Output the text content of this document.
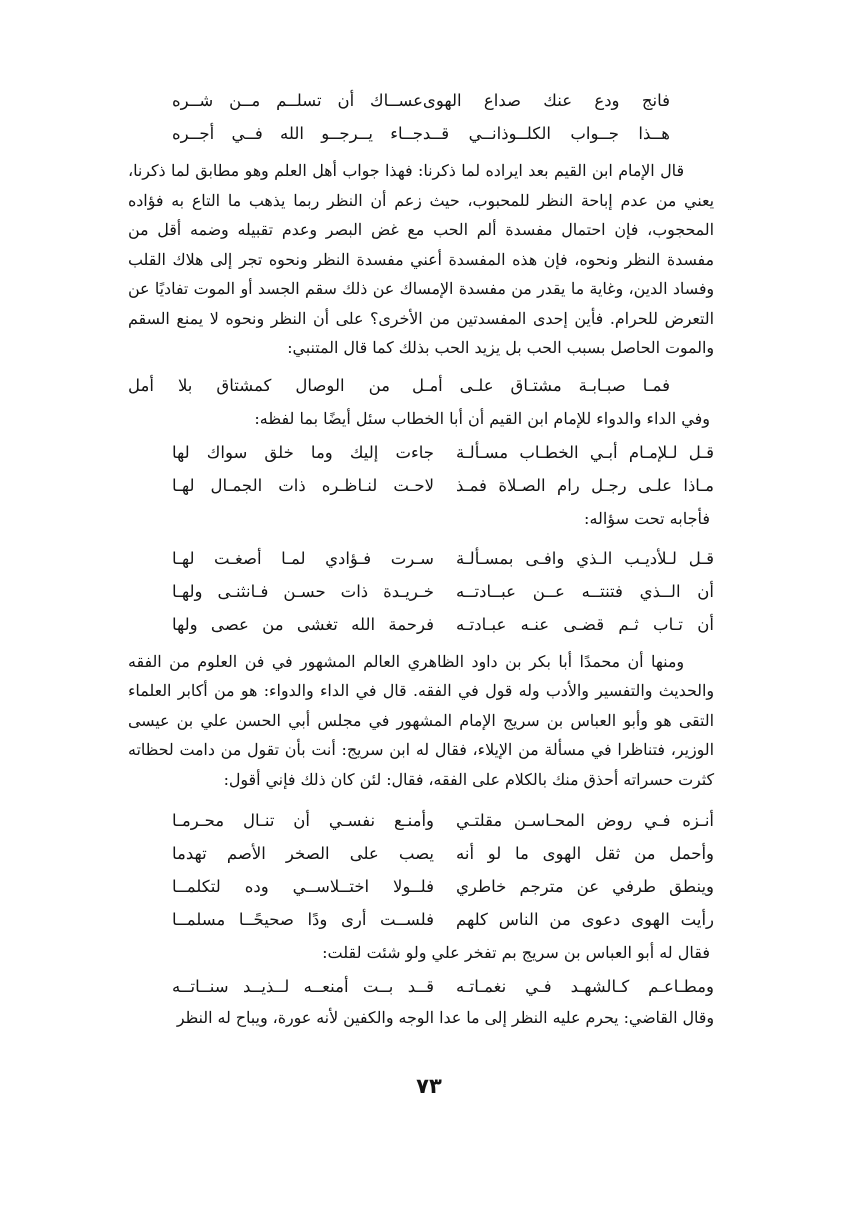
فانج ودع عنك صداع الهوى
عســاك أن تسلــم مــن شــره
هــذا جــواب الكلــوذانــي قــد
جــاء يــرجــو الله فــي أجــره

قال الإمام ابن القيم بعد ايراده لما ذكرنا: فهذا جواب أهل العلم وهو مطابق لما ذكرنا، يعني من عدم إباحة النظر للمحبوب، حيث زعم أن النظر ربما يذهب ما التاع به فؤاده المحجوب، فإن احتمال مفسدة ألم الحب مع غض البصر وعدم تقبيله وضمه أقل من مفسدة النظر ونحوه، فإن هذه المفسدة أعني مفسدة النظر ونحوه تجر إلى هلاك القلب وفساد الدين، وغاية ما يقدر من مفسدة الإمساك عن ذلك سقم الجسد أو الموت تفاديًا عن التعرض للحرام. فأين إحدى المفسدتين من الأخرى؟ على أن النظر ونحوه لا يمنع السقم والموت الحاصل بسبب الحب بل يزيد الحب بذلك كما قال المتنبي:

فمـا صبـابـة مشتـاق علـى أمـل
من الوصال كمشتاق بلا أمل

وفي الداء والدواء للإمام ابن القيم أن أبا الخطاب سئل أيضًا بما لفظه:

قـل لـلإمـام أبـي الخطـاب مسـألـة
جاءت إليك وما خلق سواك لها
مـاذا علـى رجـل رام الصـلاة فمـذ
لاحـت لنـاظـره ذات الجمـال لهـا

فأجابه تحت سؤاله:

قـل لـلأديـب الـذي وافـى بمسـألـة
سـرت فـؤادي لمـا أصغـت لهـا
أن الــذي فتنتــه عــن عبــادتــه
خـريـدة ذات حسـن فـانثنـى ولهـا
أن تـاب ثـم قضـى عنـه عبـادتـه
فرحمة الله تغشى من عصى ولها

ومنها أن محمدًا أبا بكر بن داود الظاهري العالم المشهور في فن العلوم من الفقه والحديث والتفسير والأدب وله قول في الفقه. قال في الداء والدواء: هو من أكابر العلماء التقى هو وأبو العباس بن سريج الإمام المشهور في مجلس أبي الحسن علي بن عيسى الوزير، فتناظرا في مسألة من الإيلاء، فقال له ابن سريج: أنت بأن تقول من دامت لحظاته كثرت حسراته أحذق منك بالكلام على الفقه، فقال: لئن كان ذلك فإني أقول:

أنـزه فـي روض المحـاسـن مقلتـي
وأمنـع نفسـي أن تنـال محـرمـا
وأحمل من ثقل الهوى ما لو أنه
يصب على الصخر الأصم تهدما
وينطق طرفي عن مترجم خاطري
فلــولا اختــلاســي وده لتكلمــا
رأيت الهوى دعوى من الناس كلهم
فلســت أرى ودًا صحيحًــا مسلمــا

فقال له أبو العباس بن سريج بم تفخر علي ولو شئت لقلت:

ومطـاعـم كـالشهـد فـي نغمـاتـه
قــد بــت أمنعــه لــذيــد سنــاتــه

وقال القاضي: يحرم عليه النظر إلى ما عدا الوجه والكفين لأنه عورة، ويباح له النظر

٧٣
